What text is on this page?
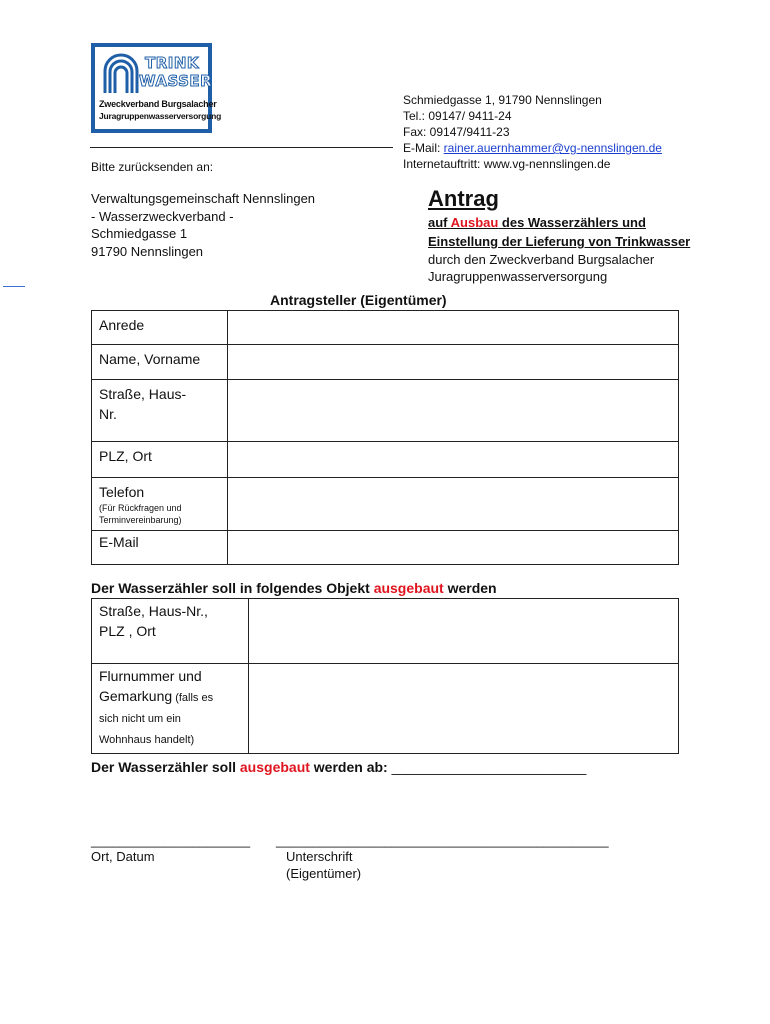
TRINK
WASSER
Zweckverband Burgsalacher
Juragruppenwasserversorgung
Schmiedgasse 1, 91790 Nennslingen
Tel.: 09147/ 9411-24
Fax: 09147/9411-23
E-Mail: rainer.auernhammer@vg-nennslingen.de
Internetauftritt: www.vg-nennslingen.de
Bitte zurücksenden an:
Verwaltungsgemeinschaft Nennslingen
- Wasserzweckverband -
Schmiedgasse 1
91790 Nennslingen
Antrag
auf Ausbau des Wasserzählers und
Einstellung der Lieferung von Trinkwasser
durch den Zweckverband Burgsalacher
Juragruppenwasserversorgung
Antragsteller (Eigentümer)
Anrede	
Name, Vorname	
Straße, Haus-
Nr.	
PLZ, Ort	
Telefon
(Für Rückfragen und
Terminvereinbarung)	

E-Mail	
Der Wasserzähler soll in folgendes Objekt ausgebaut werden
Straße, Haus-Nr.,
PLZ , Ort	
Flurnummer und
Gemarkung (falls es
sich nicht um ein
Wohnhaus handelt)	
Der Wasserzähler soll ausgebaut werden ab: _________________________
______________________ ______________________________________________
Ort, Datum	Unterschrift
(Eigentümer)
